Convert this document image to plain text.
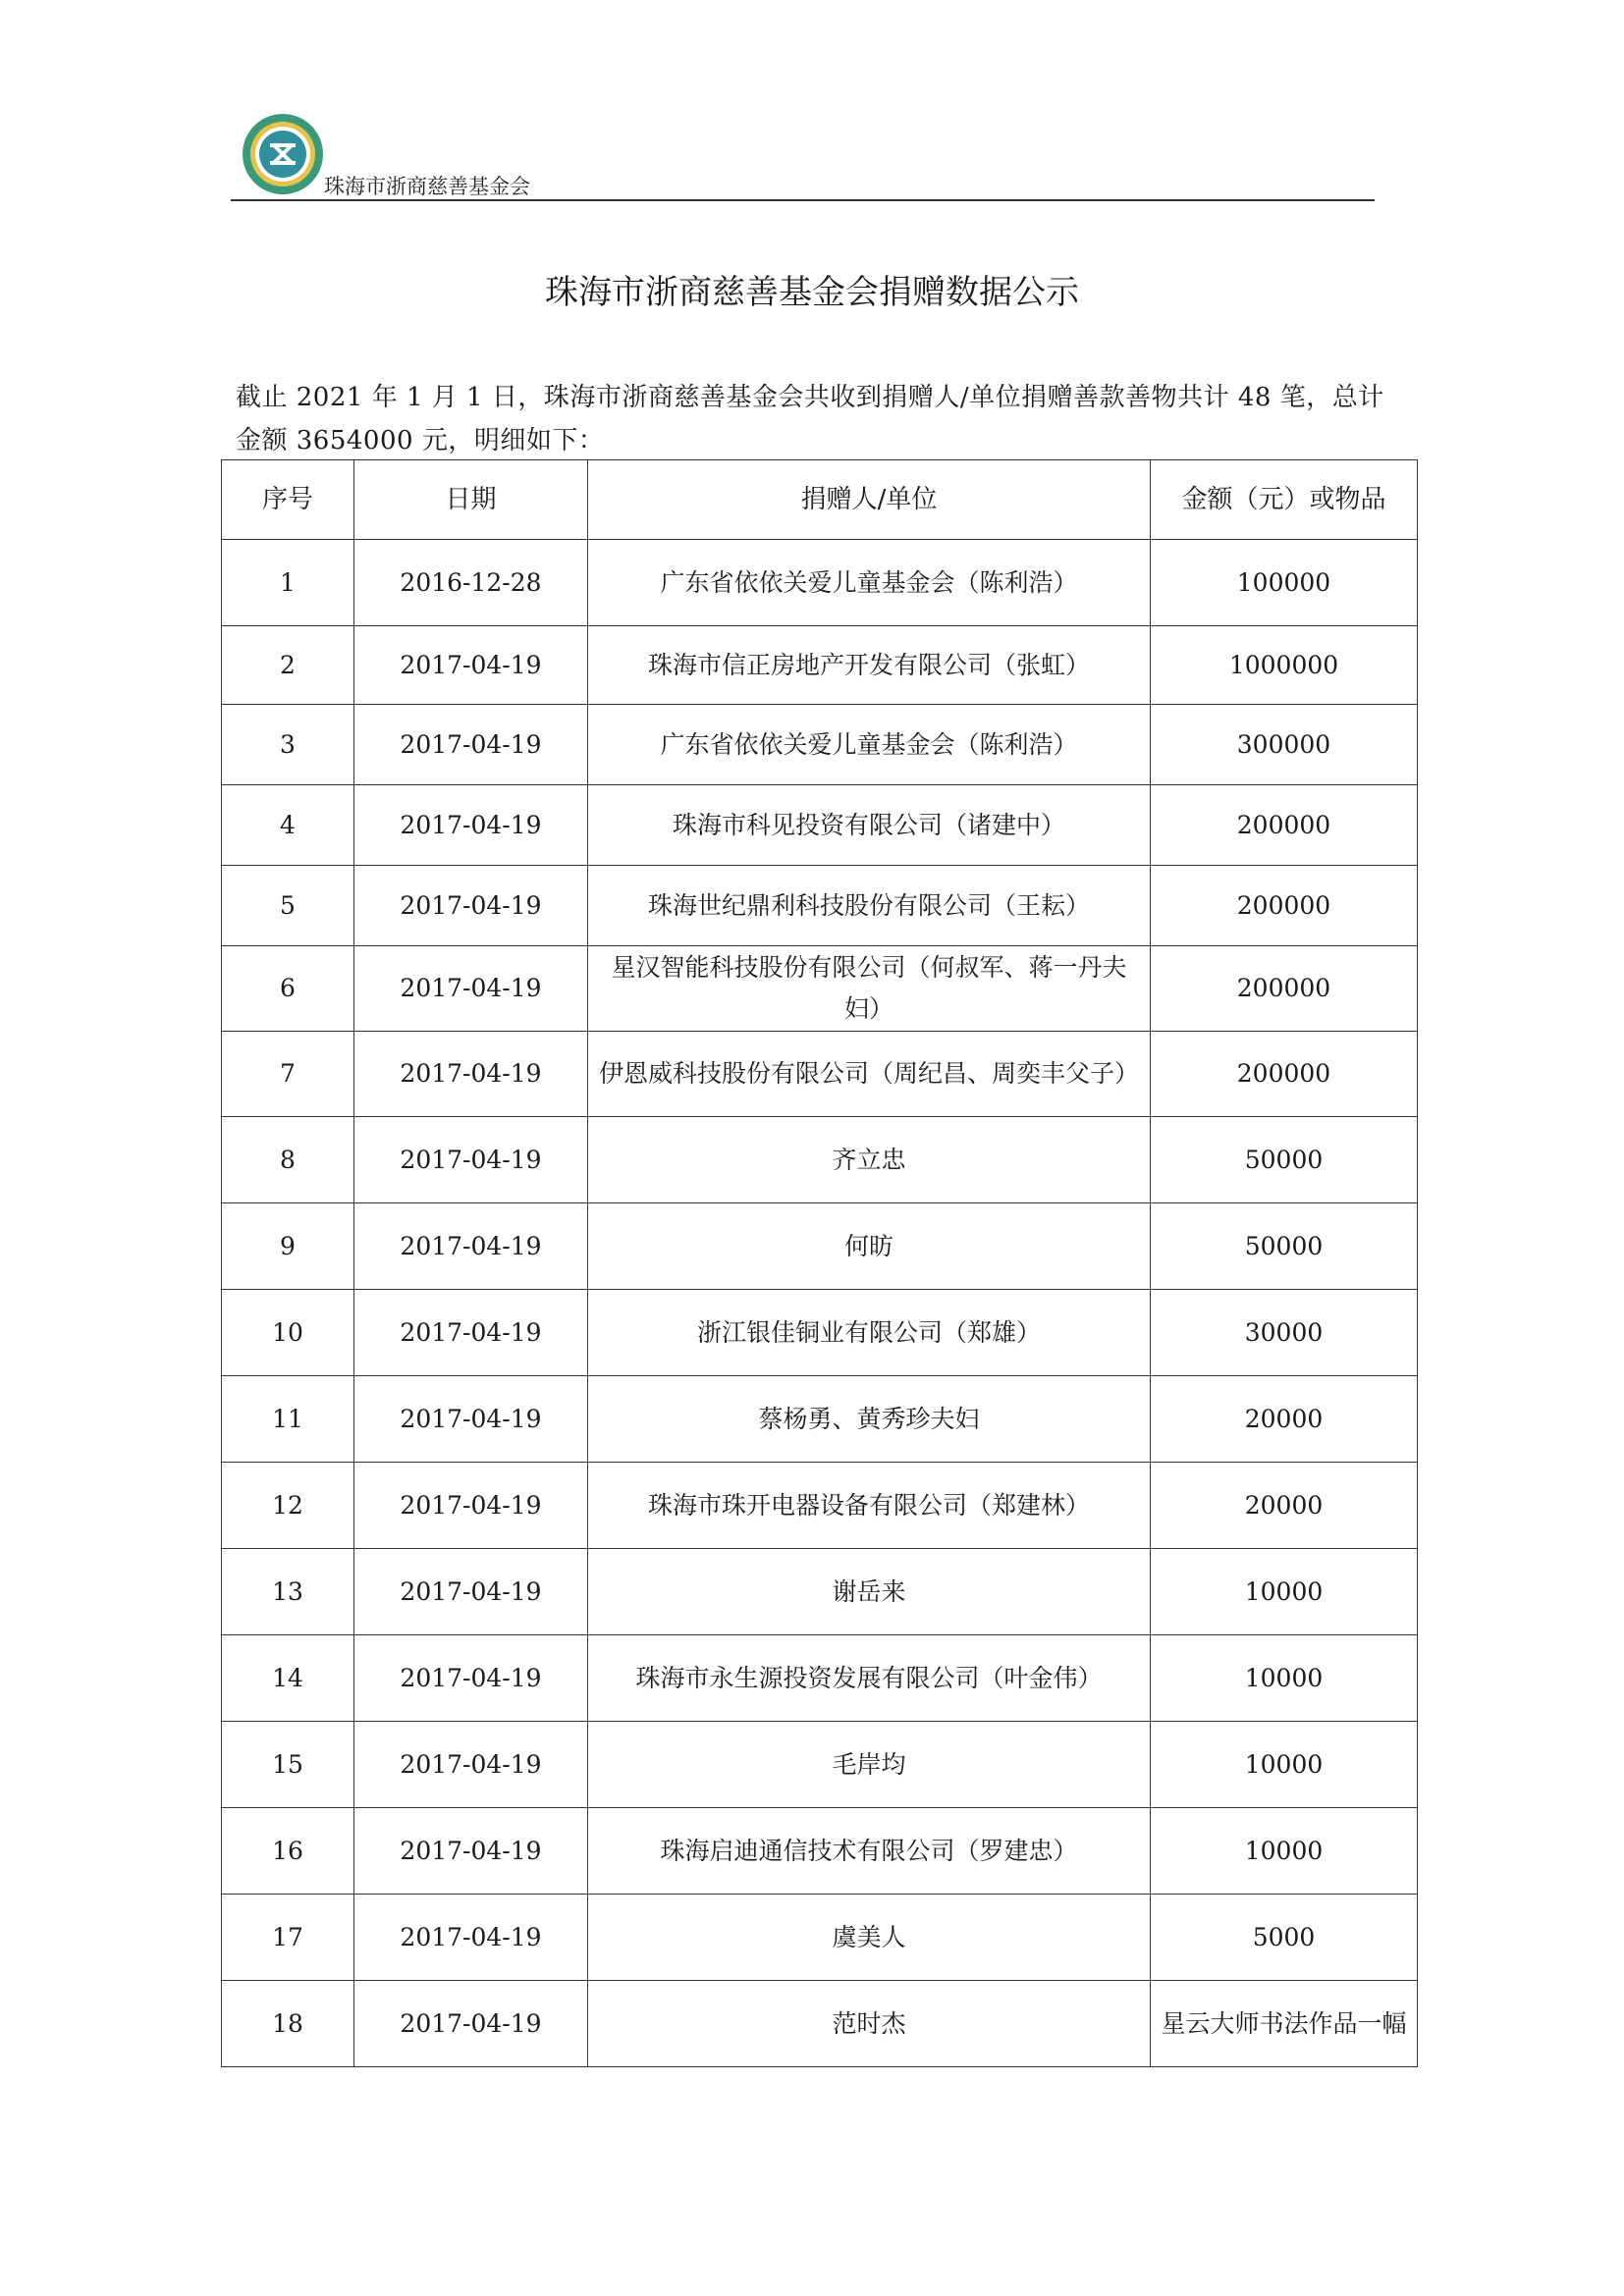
珠海市浙商慈善基金会
珠海市浙商慈善基金会捐赠数据公示
截止 2021 年 1 月 1 日，珠海市浙商慈善基金会共收到捐赠人/单位捐赠善款善物共计 48 笔，总计金额 3654000 元，明细如下：
序号	日期	捐赠人/单位	金额（元）或物品
1	2016-12-28	广东省依依关爱儿童基金会（陈利浩）	100000
2	2017-04-19	珠海市信正房地产开发有限公司（张虹）	1000000
3	2017-04-19	广东省依依关爱儿童基金会（陈利浩）	300000
4	2017-04-19	珠海市科见投资有限公司（诸建中）	200000
5	2017-04-19	珠海世纪鼎利科技股份有限公司（王耘）	200000
6	2017-04-19	星汉智能科技股份有限公司（何叔军、蒋一丹夫妇）	200000
7	2017-04-19	伊恩威科技股份有限公司（周纪昌、周奕丰父子）	200000
8	2017-04-19	齐立忠	50000
9	2017-04-19	何昉	50000
10	2017-04-19	浙江银佳铜业有限公司（郑雄）	30000
11	2017-04-19	蔡杨勇、黄秀珍夫妇	20000
12	2017-04-19	珠海市珠开电器设备有限公司（郑建林）	20000
13	2017-04-19	谢岳来	10000
14	2017-04-19	珠海市永生源投资发展有限公司（叶金伟）	10000
15	2017-04-19	毛岸均	10000
16	2017-04-19	珠海启迪通信技术有限公司（罗建忠）	10000
17	2017-04-19	虞美人	5000
18	2017-04-19	范时杰	星云大师书法作品一幅
